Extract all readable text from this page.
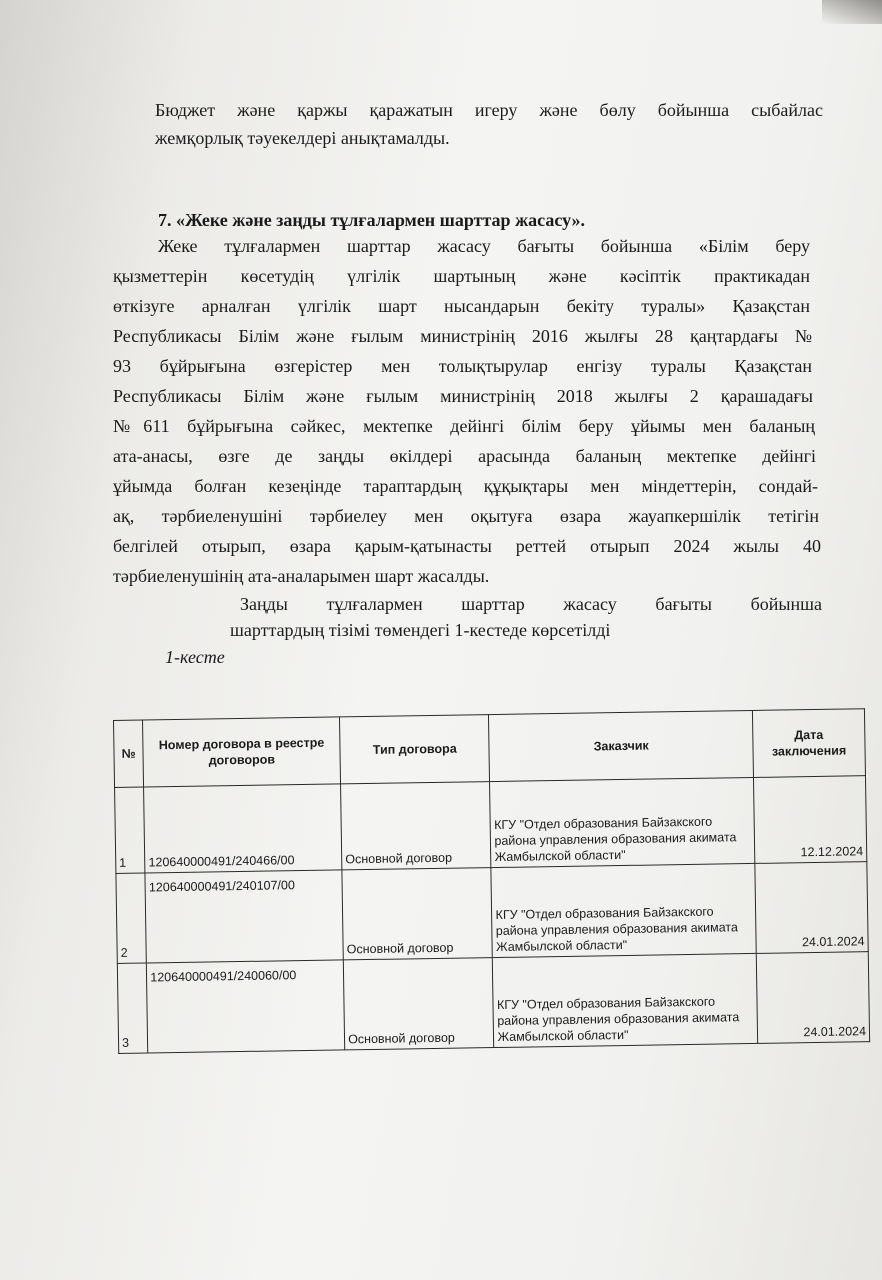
Бюджет және қаржы қаражатын игеру және бөлу бойынша сыбайлас
жемқорлық тәуекелдері анықтамалды.
7. «Жеке және заңды тұлғалармен шарттар жасасу».
Жеке тұлғалармен шарттар жасасу бағыты бойынша «Білім беру
қызметтерін көсетудің үлгілік шартының және кәсіптік практикадан
өткізуге арналған үлгілік шарт нысандарын бекіту туралы» Қазақстан
Республикасы Білім және ғылым министрінің 2016 жылғы 28 қаңтардағы №
93 бұйрығына өзгерістер мен толықтырулар енгізу туралы Қазақстан
Республикасы Білім және ғылым министрінің 2018 жылғы 2 қарашадағы
№611 бұйрығына сәйкес, мектепке дейінгі білім беру ұйымы мен баланың
ата-анасы, өзге де заңды өкілдері арасында баланың мектепке дейінгі
ұйымда болған кезеңінде тараптардың құқықтары мен міндеттерін, сондай-
ақ, тәрбиеленушіні тәрбиелеу мен оқытуға өзара жауапкершілік тетігін
белгілей отырып, өзара қарым-қатынасты реттей отырып 2024 жылы 40
тәрбиеленушінің ата-аналарымен шарт жасалды.
Заңды тұлғалармен шарттар жасасу бағыты бойынша
шарттардың тізімі төмендегі 1-кестеде көрсетілді
1-кесте
№	Номер договора в реестре договоров	Тип договора	Заказчик	Дата заключения
1	120640000491/240466/00	Основной договор	КГУ "Отдел образования Байзакского района управления образования акимата Жамбылской области"	12.12.2024
2	120640000491/240107/00	Основной договор	КГУ "Отдел образования Байзакского района управления образования акимата Жамбылской области"	24.01.2024
3	120640000491/240060/00	Основной договор	КГУ "Отдел образования Байзакского района управления образования акимата Жамбылской области"	24.01.2024
